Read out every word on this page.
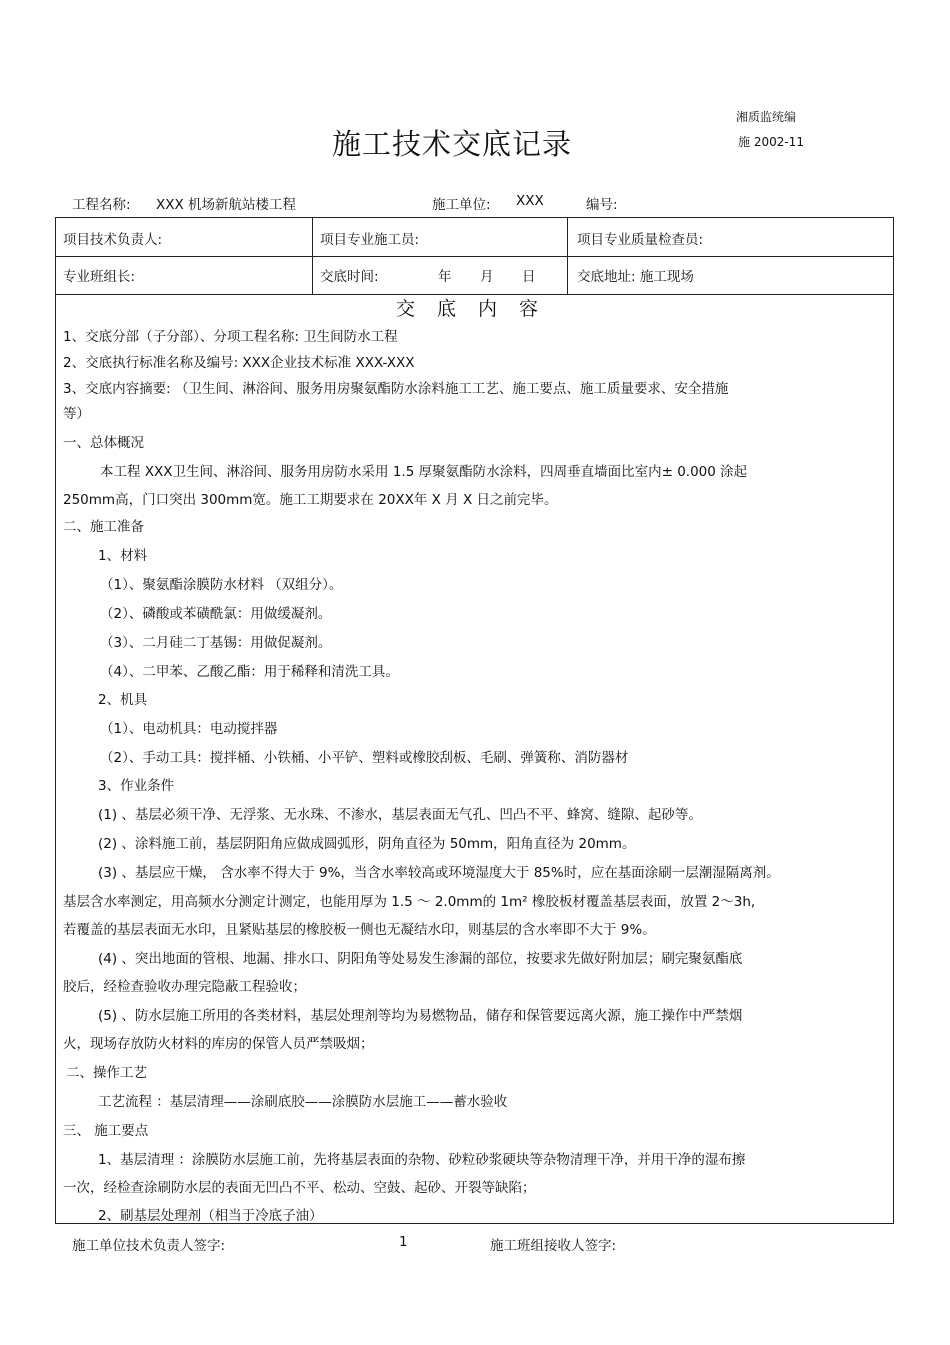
施工技术交底记录
湘质监统编
施 2002-11
工程名称: XXX 机场新航站楼工程	施工单位: XXX	编号:
项目技术负责人:	项目专业施工员:	项目专业质量检查员:
专业班组长:	交底时间:	年 月 日	交底地址: 施工现场
交底内容
1、交底分部（子分部）、分项工程名称: 卫生间防水工程
2、交底执行标准名称及编号: XXX企业技术标准 XXX-XXX
3、交底内容摘要: （卫生间、淋浴间、服务用房聚氨酯防水涂料施工工艺、施工要点、施工质量要求、安全措施
等）
一、总体概况
本工程 XXX卫生间、淋浴间、服务用房防水采用 1.5 厚聚氨酯防水涂料，四周垂直墙面比室内± 0.000 涂起
250mm高，门口突出 300mm宽。施工工期要求在 20XX年 X 月 X 日之前完毕。
二、施工准备
1、材料
（1）、聚氨酯涂膜防水材料 （双组分）。
（2）、磷酸或苯磺酰氯：用做缓凝剂。
（3）、二月硅二丁基锡：用做促凝剂。
（4）、二甲苯、乙酸乙酯：用于稀释和清洗工具。
2、机具
（1）、电动机具：电动搅拌器
（2）、手动工具：搅拌桶、小铁桶、小平铲、塑料或橡胶刮板、毛刷、弹簧称、消防器材
3、作业条件
(1) 、基层必须干净、无浮浆、无水珠、不渗水，基层表面无气孔、凹凸不平、蜂窝、缝隙、起砂等。
(2) 、涂料施工前，基层阴阳角应做成圆弧形，阴角直径为 50mm，阳角直径为 20mm。
(3) 、基层应干燥， 含水率不得大于 9%，当含水率较高或环境湿度大于 85%时，应在基面涂刷一层潮湿隔离剂。
基层含水率测定，用高频水分测定计测定，也能用厚为 1.5 ～ 2.0mm的 1m² 橡胶板材覆盖基层表面，放置 2～3h,
若覆盖的基层表面无水印，且紧贴基层的橡胶板一侧也无凝结水印，则基层的含水率即不大于 9%。
(4) 、突出地面的管根、地漏、排水口、阴阳角等处易发生渗漏的部位，按要求先做好附加层；刷完聚氨酯底
胶后，经检查验收办理完隐蔽工程验收；
(5) 、防水层施工所用的各类材料，基层处理剂等均为易燃物品，储存和保管要远离火源，施工操作中严禁烟
火，现场存放防火材料的库房的保管人员严禁吸烟；
二、操作工艺
工艺流程 ：基层清理——涂刷底胶——涂膜防水层施工——蓄水验收
三、 施工要点
1、基层清理 ：涂膜防水层施工前，先将基层表面的杂物、砂粒砂浆硬块等杂物清理干净，并用干净的湿布擦
一次，经检查涂刷防水层的表面无凹凸不平、松动、空鼓、起砂、开裂等缺陷；
2、刷基层处理剂（相当于冷底子油）
施工单位技术负责人签字:	1	施工班组接收人签字:
